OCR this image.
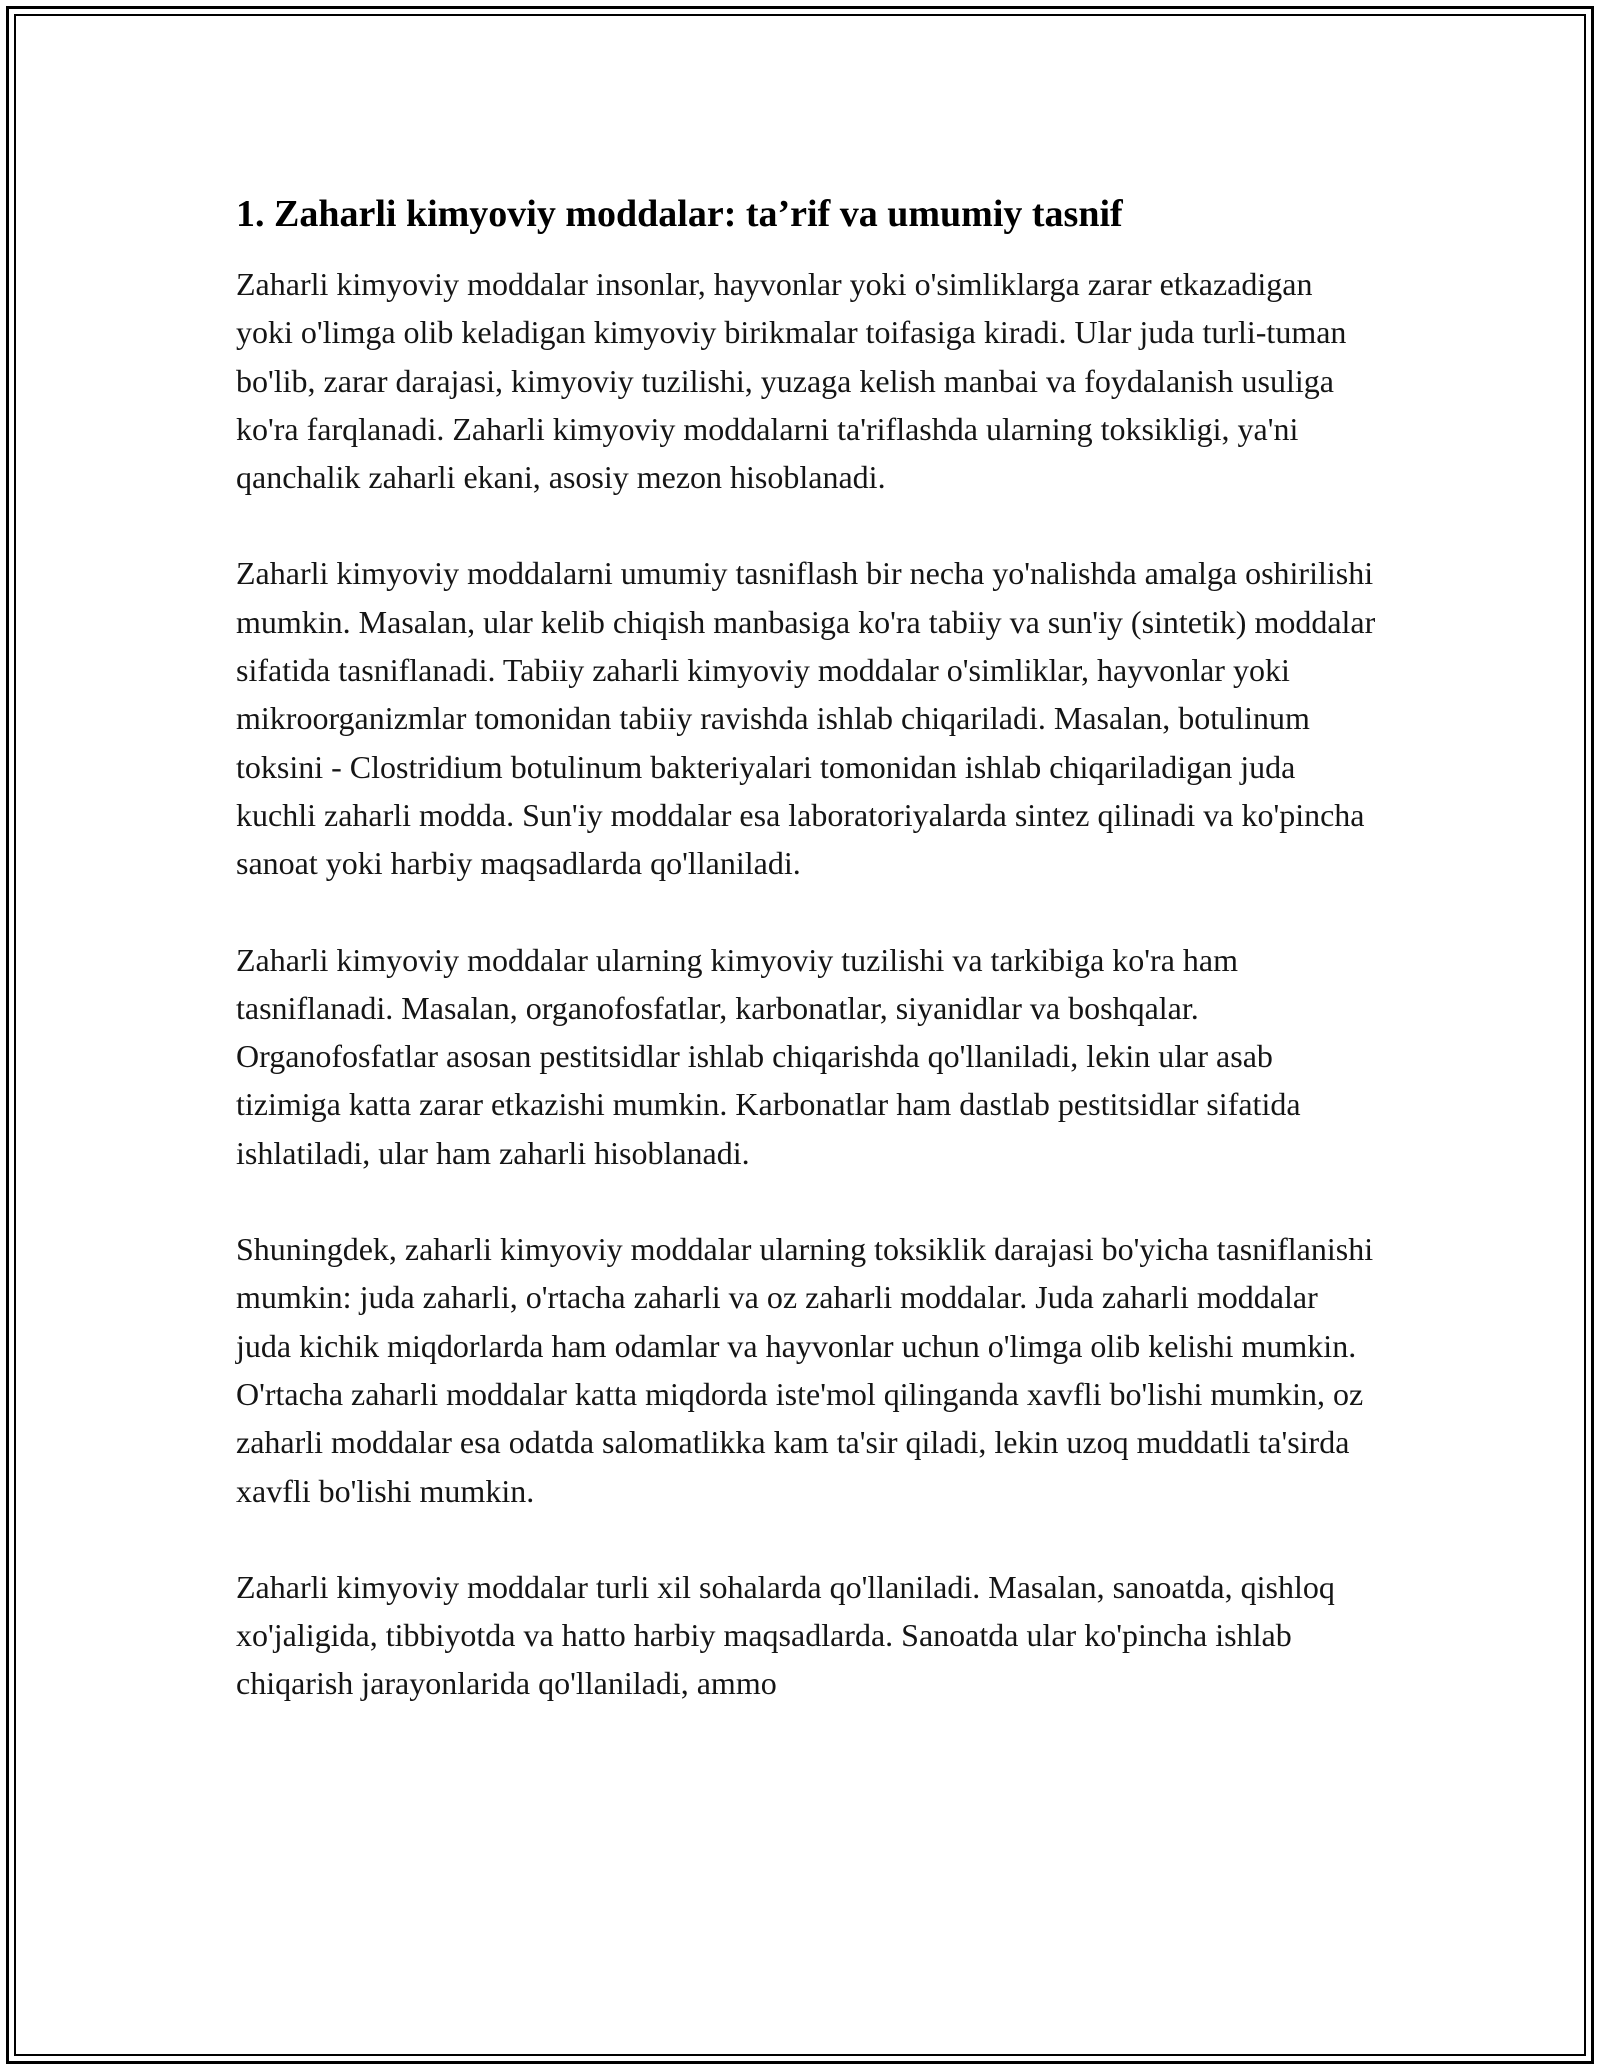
1. Zaharli kimyoviy moddalar: ta’rif va umumiy tasnif

Zaharli kimyoviy moddalar insonlar, hayvonlar yoki o'simliklarga zarar etkazadigan yoki o'limga olib keladigan kimyoviy birikmalar toifasiga kiradi. Ular juda turli-tuman bo'lib, zarar darajasi, kimyoviy tuzilishi, yuzaga kelish manbai va foydalanish usuliga ko'ra farqlanadi. Zaharli kimyoviy moddalarni ta'riflashda ularning toksikligi, ya'ni qanchalik zaharli ekani, asosiy mezon hisoblanadi.

Zaharli kimyoviy moddalarni umumiy tasniflash bir necha yo'nalishda amalga oshirilishi mumkin. Masalan, ular kelib chiqish manbasiga ko'ra tabiiy va sun'iy (sintetik) moddalar sifatida tasniflanadi. Tabiiy zaharli kimyoviy moddalar o'simliklar, hayvonlar yoki mikroorganizmlar tomonidan tabiiy ravishda ishlab chiqariladi. Masalan, botulinum toksini - Clostridium botulinum bakteriyalari tomonidan ishlab chiqariladigan juda kuchli zaharli modda. Sun'iy moddalar esa laboratoriyalarda sintez qilinadi va ko'pincha sanoat yoki harbiy maqsadlarda qo'llaniladi.

Zaharli kimyoviy moddalar ularning kimyoviy tuzilishi va tarkibiga ko'ra ham tasniflanadi. Masalan, organofosfatlar, karbonatlar, siyanidlar va boshqalar. Organofosfatlar asosan pestitsidlar ishlab chiqarishda qo'llaniladi, lekin ular asab tizimiga katta zarar etkazishi mumkin. Karbonatlar ham dastlab pestitsidlar sifatida ishlatiladi, ular ham zaharli hisoblanadi.

Shuningdek, zaharli kimyoviy moddalar ularning toksiklik darajasi bo'yicha tasniflanishi mumkin: juda zaharli, o'rtacha zaharli va oz zaharli moddalar. Juda zaharli moddalar juda kichik miqdorlarda ham odamlar va hayvonlar uchun o'limga olib kelishi mumkin. O'rtacha zaharli moddalar katta miqdorda iste'mol qilinganda xavfli bo'lishi mumkin, oz zaharli moddalar esa odatda salomatlikka kam ta'sir qiladi, lekin uzoq muddatli ta'sirda xavfli bo'lishi mumkin.

Zaharli kimyoviy moddalar turli xil sohalarda qo'llaniladi. Masalan, sanoatda, qishloq xo'jaligida, tibbiyotda va hatto harbiy maqsadlarda. Sanoatda ular ko'pincha ishlab chiqarish jarayonlarida qo'llaniladi, ammo
